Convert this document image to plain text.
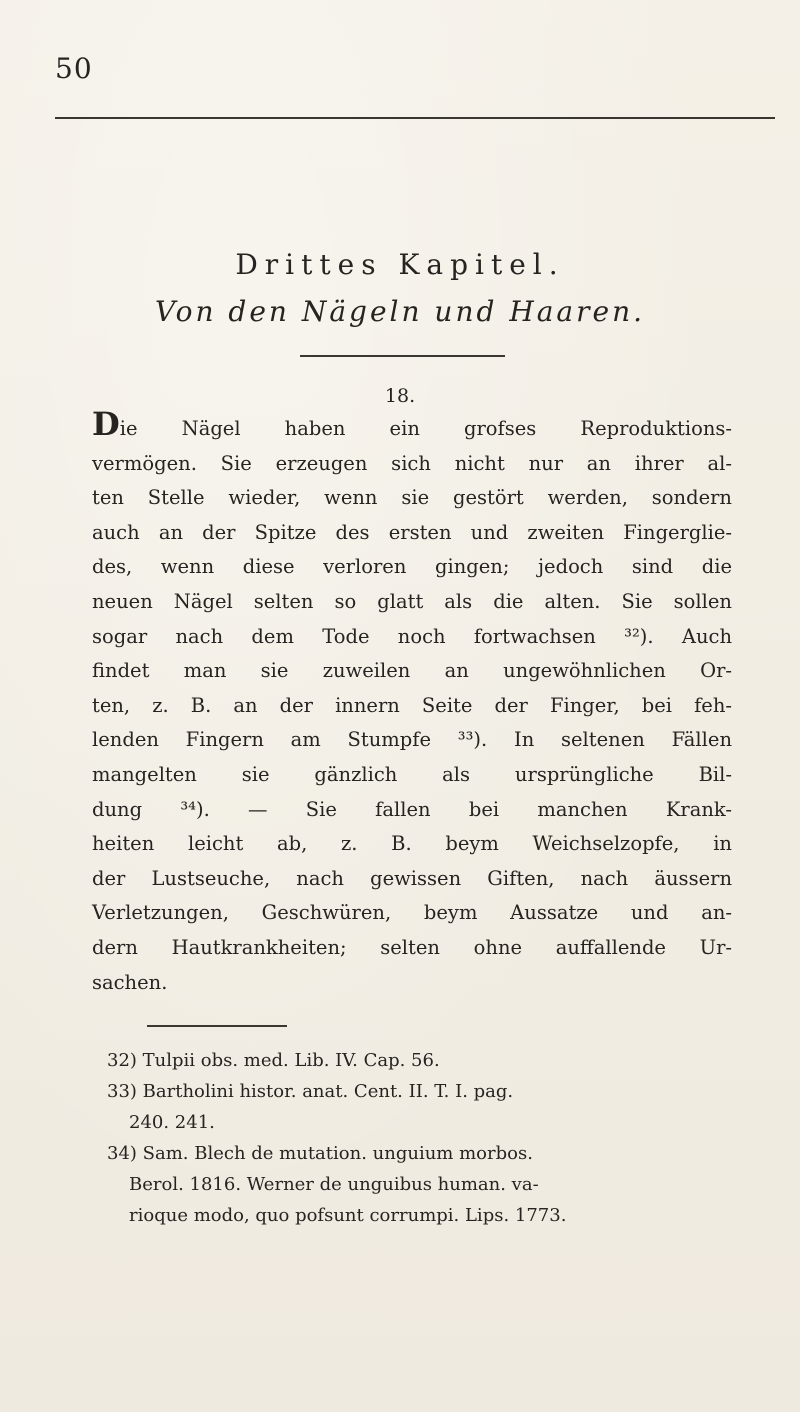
50
Drittes Kapitel.
Von den Nägeln und Haaren.
18.
Die Nägel haben ein grofses Reproduktions-
vermögen. Sie erzeugen sich nicht nur an ihrer al-
ten Stelle wieder, wenn sie gestört werden, sondern
auch an der Spitze des ersten und zweiten Fingerglie-
des, wenn diese verloren gingen; jedoch sind die
neuen Nägel selten so glatt als die alten. Sie sollen
sogar nach dem Tode noch fortwachsen ³²). Auch
findet man sie zuweilen an ungewöhnlichen Or-
ten, z. B. an der innern Seite der Finger, bei feh-
lenden Fingern am Stumpfe ³³). In seltenen Fällen
mangelten sie gänzlich als ursprüngliche Bil-
dung ³⁴). — Sie fallen bei manchen Krank-
heiten leicht ab, z. B. beym Weichselzopfe, in
der Lustseuche, nach gewissen Giften, nach äussern
Verletzungen, Geschwüren, beym Aussatze und an-
dern Hautkrankheiten; selten ohne auffallende Ur-
sachen.
32) Tulpii obs. med. Lib. IV. Cap. 56.
33) Bartholini histor. anat. Cent. II. T. I. pag.
240. 241.
34) Sam. Blech de mutation. unguium morbos.
Berol. 1816. Werner de unguibus human. va-
rioque modo, quo pofsunt corrumpi. Lips. 1773.
